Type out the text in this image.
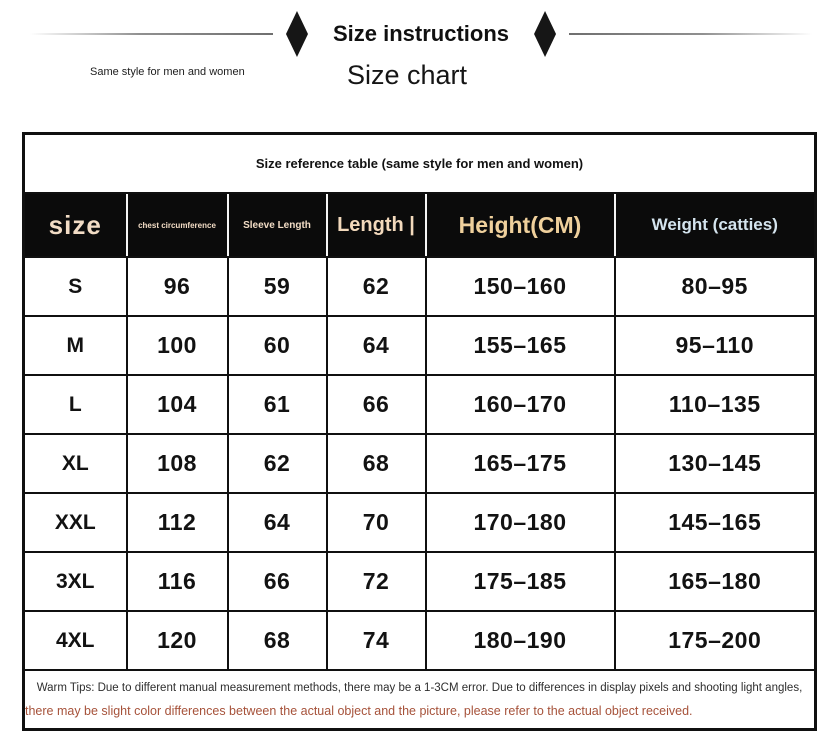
Size instructions
Same style for men and women	Size chart
Size reference table (same style for men and women)					
size	chest circumference	Sleeve Length	Length |	Height(CM)	Weight (catties)
S	96	59	62	150–160	80–95
M	100	60	64	155–165	95–110
L	104	61	66	160–170	110–135
XL	108	62	68	165–175	130–145
XXL	112	64	70	170–180	145–165
3XL	116	66	72	175–185	165–180
4XL	120	68	74	180–190	175–200

Warm Tips: Due to different manual measurement methods, there may be a 1-3CM error. Due to differences in display pixels and shooting light angles,
there may be slight color differences between the actual object and the picture, please refer to the actual object received.					
